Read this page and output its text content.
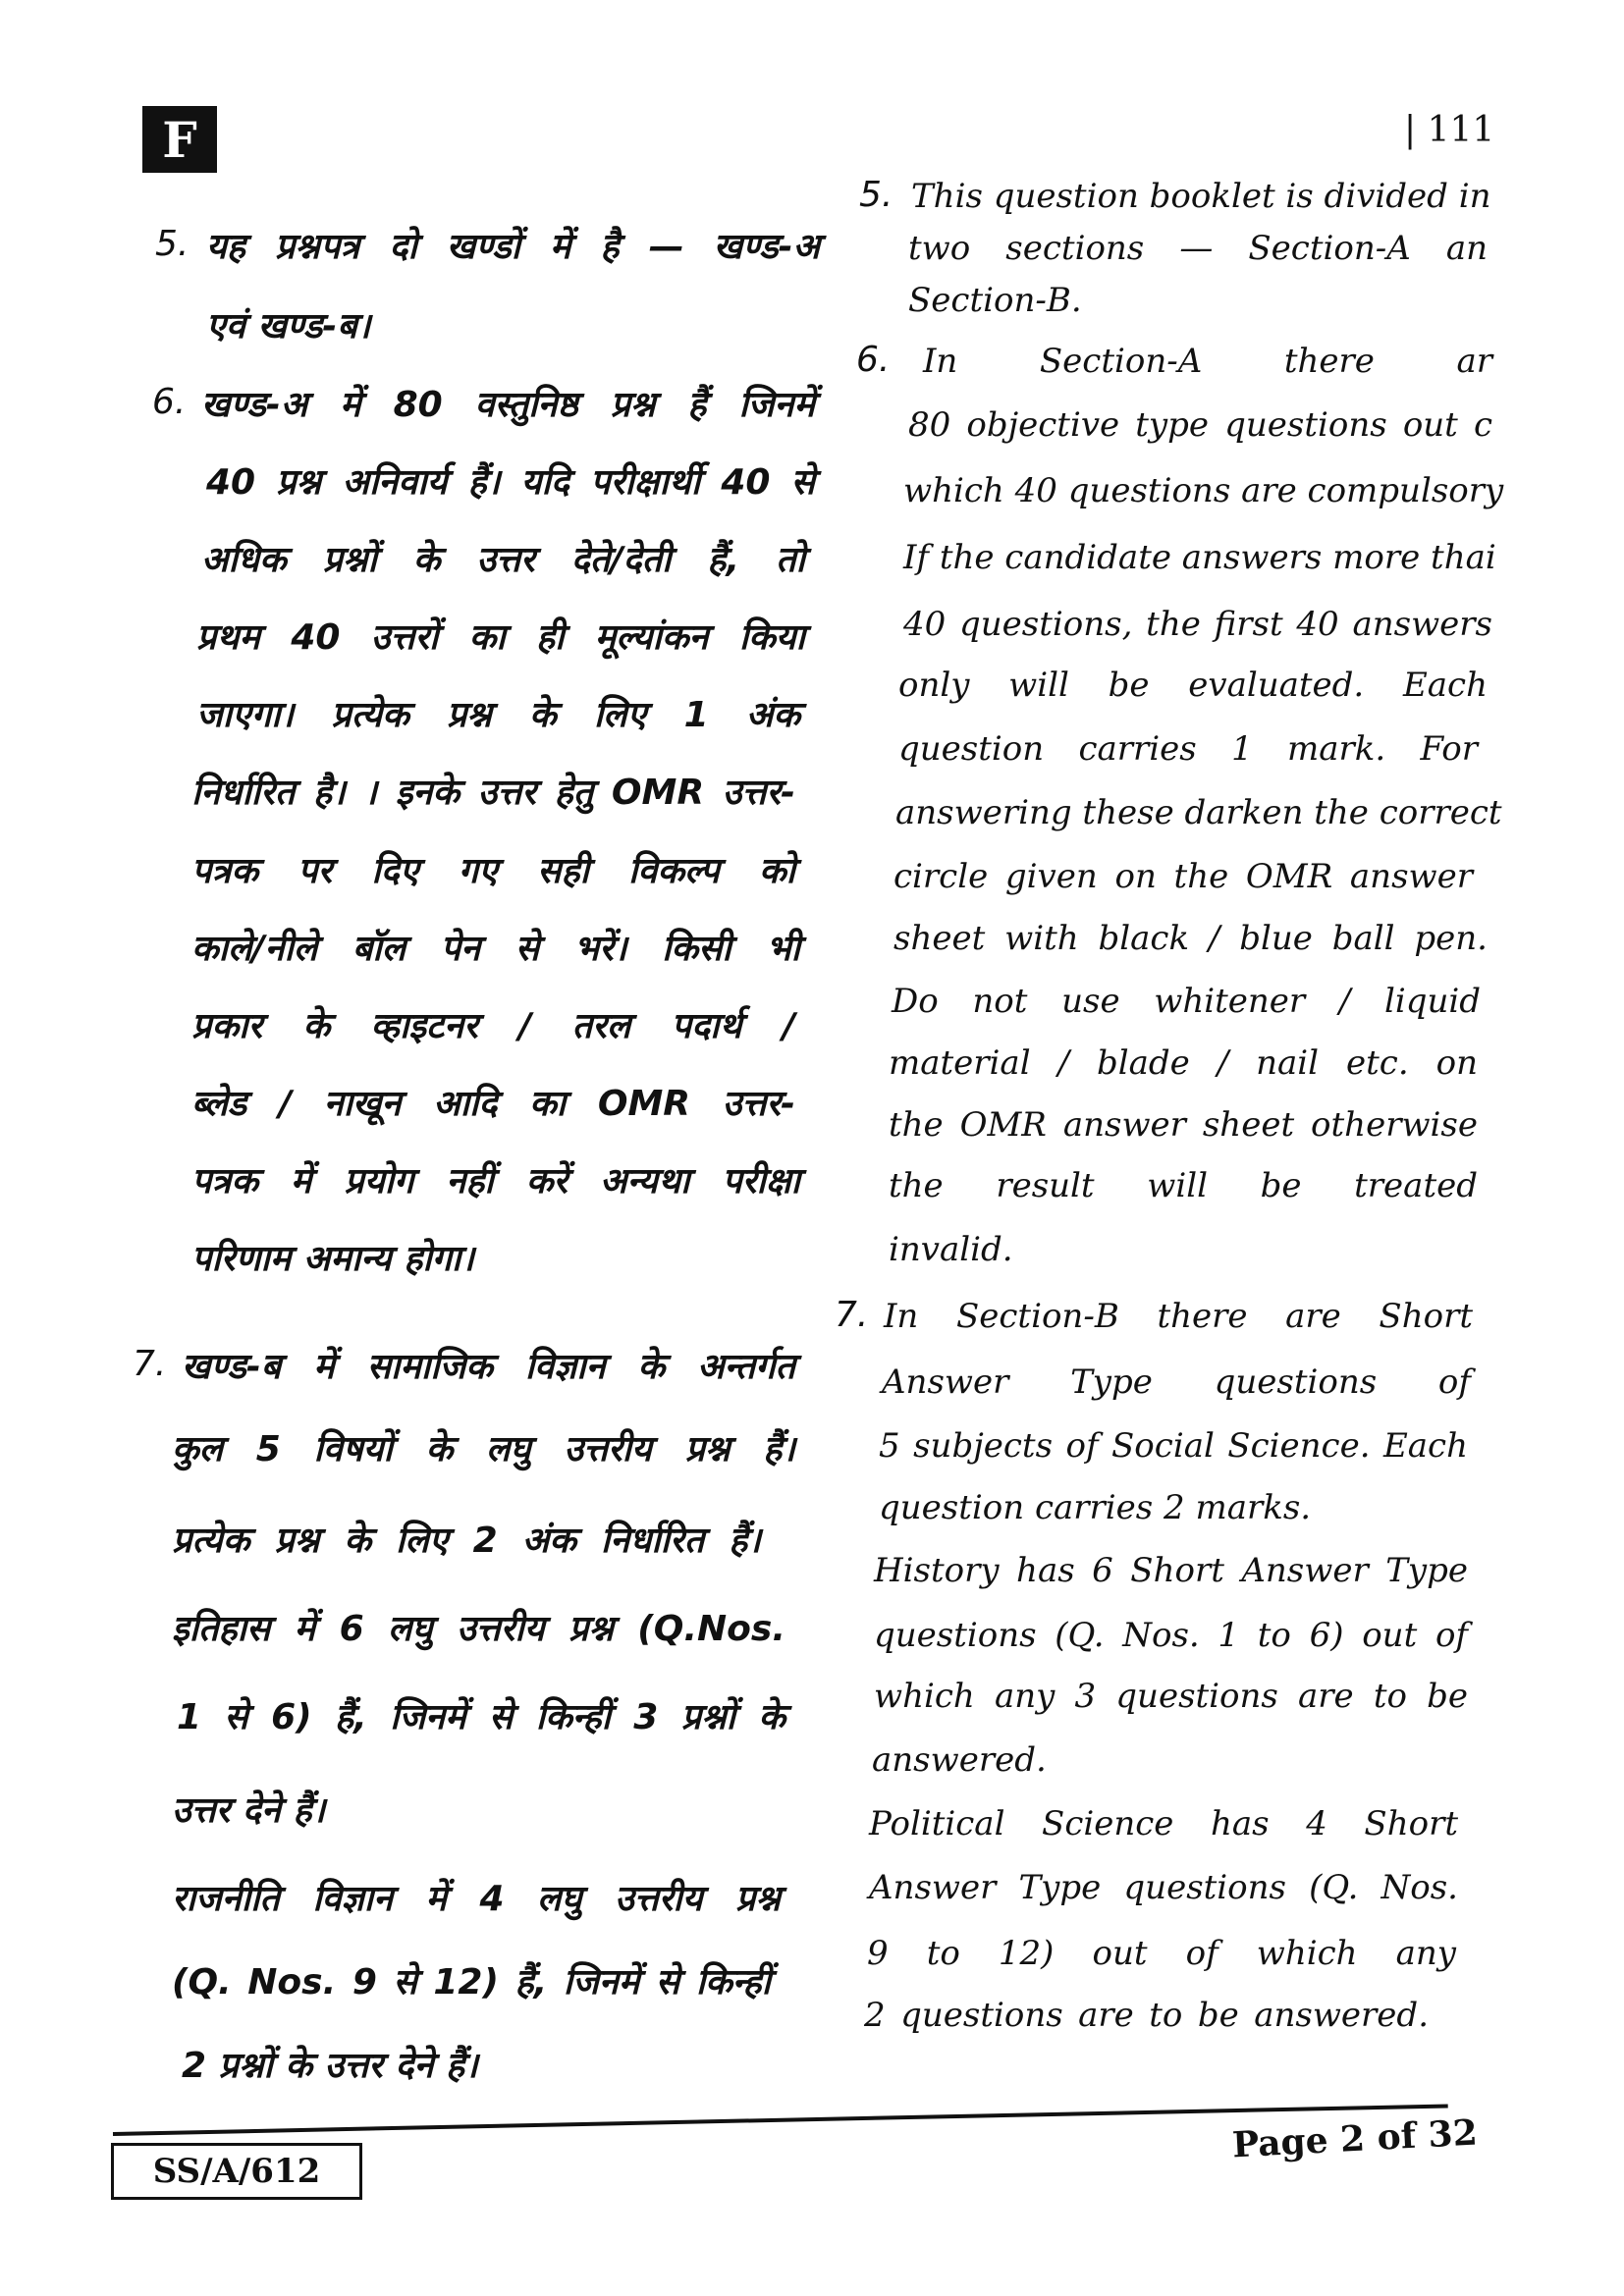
F	| 111
यह प्रश्नपत्र दो खण्डों में है — खण्ड-अ
एवं खण्ड-ब।
खण्ड-अ में 80 वस्तुनिष्ठ प्रश्न हैं जिनमें
40 प्रश्न अनिवार्य हैं। यदि परीक्षार्थी 40 से
अधिक प्रश्नों के उत्तर देते/देती हैं, तो
प्रथम 40 उत्तरों का ही मूल्यांकन किया
जाएगा। प्रत्येक प्रश्न के लिए 1 अंक
निर्धारित है। । इनके उत्तर हेतु OMR उत्तर-
पत्रक पर दिए गए सही विकल्प को
काले/नीले बॉल पेन से भरें। किसी भी
प्रकार के व्हाइटनर / तरल पदार्थ /
ब्लेड / नाखून आदि का OMR उत्तर-
पत्रक में प्रयोग नहीं करें अन्यथा परीक्षा
परिणाम अमान्य होगा।
खण्ड-ब में सामाजिक विज्ञान के अन्तर्गत
कुल 5 विषयों के लघु उत्तरीय प्रश्न हैं।
प्रत्येक प्रश्न के लिए 2 अंक निर्धारित हैं।
इतिहास में 6 लघु उत्तरीय प्रश्न (Q.Nos.
1 से 6) हैं, जिनमें से किन्हीं 3 प्रश्नों के
उत्तर देने हैं।
राजनीति विज्ञान में 4 लघु उत्तरीय प्रश्न
(Q. Nos. 9 से 12) हैं, जिनमें से किन्हीं
2 प्रश्नों के उत्तर देने हैं।
5.
6.
7.
This question booklet is divided in
two sections — Section-A an
Section-B.
In Section-A there ar
80 objective type questions out c
which 40 questions are compulsory
If the candidate answers more thai
40 questions, the first 40 answers
only will be evaluated. Each
question carries 1 mark. For
answering these darken the correct
circle given on the OMR answer
sheet with black / blue ball pen.
Do not use whitener / liquid
material / blade / nail etc. on
the OMR answer sheet otherwise
the result will be treated
invalid.
In Section-B there are Short
Answer Type questions of
5 subjects of Social Science. Each
question carries 2 marks.
History has 6 Short Answer Type
questions (Q. Nos. 1 to 6) out of
which any 3 questions are to be
answered.
Political Science has 4 Short
Answer Type questions (Q. Nos.
9 to 12) out of which any
2 questions are to be answered.
5.
6.
7.
SS/A/612
Page 2 of 32
